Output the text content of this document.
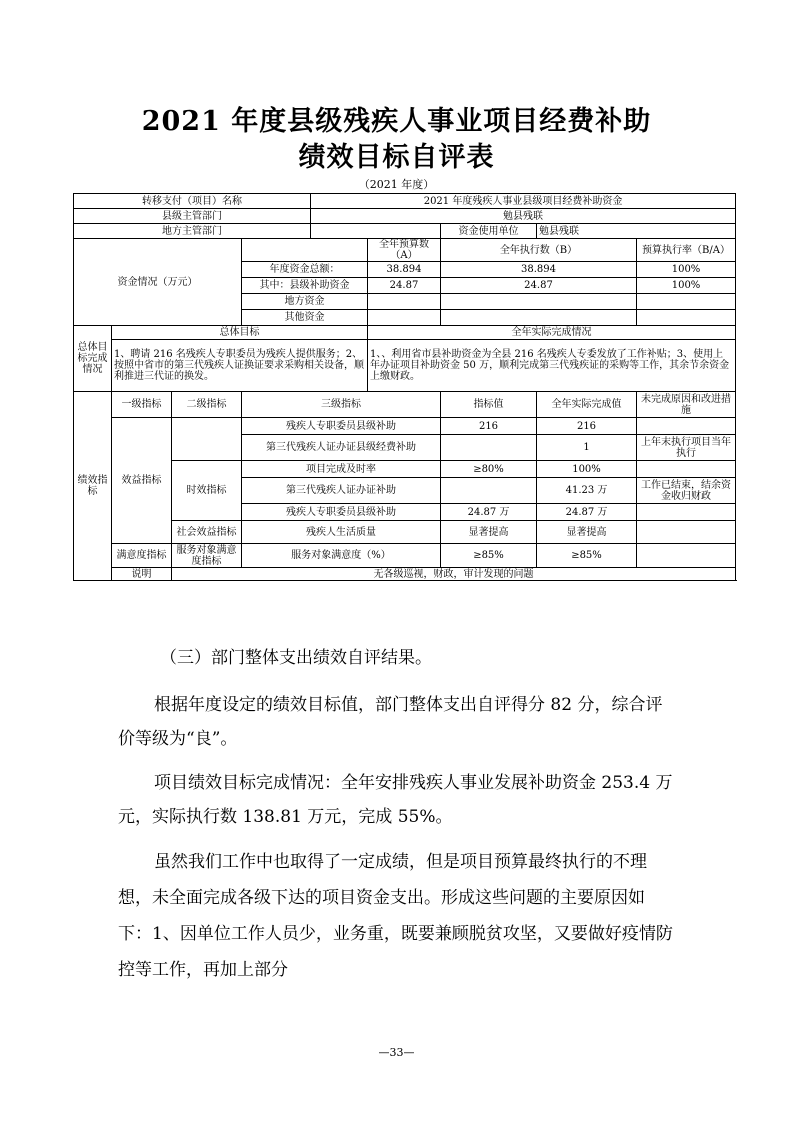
2021 年度县级残疾人事业项目经费补助
绩效目标自评表
（2021 年度）
转移支付（项目）名称				2021 年度残疾人事业县级项目经费补助资金				
县级主管部门				勉县残联				
地方主管部门						资金使用单位	勉县残联	
资金情况（万元）					全年预算数（A）	全年执行数（B）		预算执行率（B/A）
			年度资金总额：		38.894	38.894		100%
			其中：县级补助资金		24.87	24.87		100%
			地方资金					
			其他资金					
总体目标完成情况	总体目标				全年实际完成情况			
	1、聘请 216 名残疾人专职委员为残疾人提供服务；2、按照中省市的第三代残疾人证换证要求采购相关设备，顺利推进三代证的换发。				1、、利用省市县补助资金为全县 216 名残疾人专委发放了工作补贴；3、使用上年办证项目补助资金 50 万，顺利完成第三代残疾证的采购等工作，其余节余资金上缴财政。			
绩效指标	一级指标	二级指标	三级指标			指标值	全年实际完成值	未完成原因和改进措施
	效益指标		残疾人专职委员县级补助			216	216	
			第三代残疾人证办证县级经费补助				1	上年末执行项目当年执行
		时效指标	项目完成及时率			≥80%	100%	
			第三代残疾人证办证补助				41.23 万	工作已结束，结余资金收归财政
			残疾人专职委员县级补助			24.87 万	24.87 万	
		社会效益指标	残疾人生活质量			显著提高	显著提高	
	满意度指标	服务对象满意度指标	服务对象满意度（%）			≥85%	≥85%	
	说明	无各级巡视，财政，审计发现的问题						
（三）部门整体支出绩效自评结果。
根据年度设定的绩效目标值，部门整体支出自评得分 82 分，综合评价等级为“良”。
项目绩效目标完成情况：全年安排残疾人事业发展补助资金 253.4 万元，实际执行数 138.81 万元，完成 55%。
虽然我们工作中也取得了一定成绩，但是项目预算最终执行的不理想，未全面完成各级下达的项目资金支出。形成这些问题的主要原因如下：1、因单位工作人员少，业务重，既要兼顾脱贫攻坚，又要做好疫情防控等工作，再加上部分
—33—
